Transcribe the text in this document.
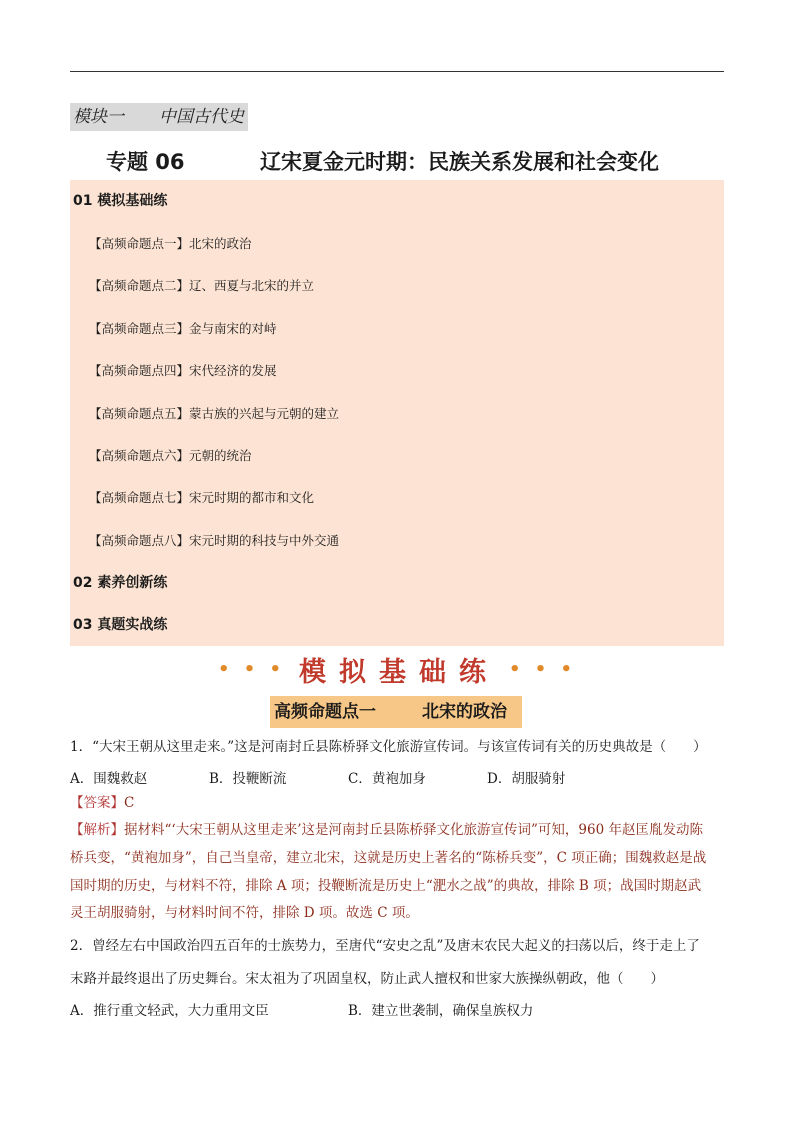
模块一 中国古代史
专题 06	辽宋夏金元时期：民族关系发展和社会变化
01 模拟基础练
【高频命题点一】北宋的政治
【高频命题点二】辽、西夏与北宋的并立
【高频命题点三】金与南宋的对峙
【高频命题点四】宋代经济的发展
【高频命题点五】蒙古族的兴起与元朝的建立
【高频命题点六】元朝的统治
【高频命题点七】宋元时期的都市和文化
【高频命题点八】宋元时期的科技与中外交通
02 素养创新练
03 真题实战练
• • • 模拟基础练 • • •
高频命题点一	北宋的政治
1．“大宋王朝从这里走来。”这是河南封丘县陈桥驿文化旅游宣传词。与该宣传词有关的历史典故是（　　）
A．围魏救赵	B．投鞭断流	C．黄袍加身	D．胡服骑射
【答案】C
【解析】据材料“‘大宋王朝从这里走来’这是河南封丘县陈桥驿文化旅游宣传词”可知，960 年赵匡胤发动陈
桥兵变，“黄袍加身”，自己当皇帝，建立北宋，这就是历史上著名的“陈桥兵变”，C 项正确；围魏救赵是战
国时期的历史，与材料不符，排除 A 项；投鞭断流是历史上“淝水之战”的典故，排除 B 项；战国时期赵武
灵王胡服骑射，与材料时间不符，排除 D 项。故选 C 项。
2．曾经左右中国政治四五百年的士族势力，至唐代“安史之乱”及唐末农民大起义的扫荡以后，终于走上了
末路并最终退出了历史舞台。宋太祖为了巩固皇权，防止武人擅权和世家大族操纵朝政，他（　　）
A．推行重文轻武，大力重用文臣	B．建立世袭制，确保皇族权力
